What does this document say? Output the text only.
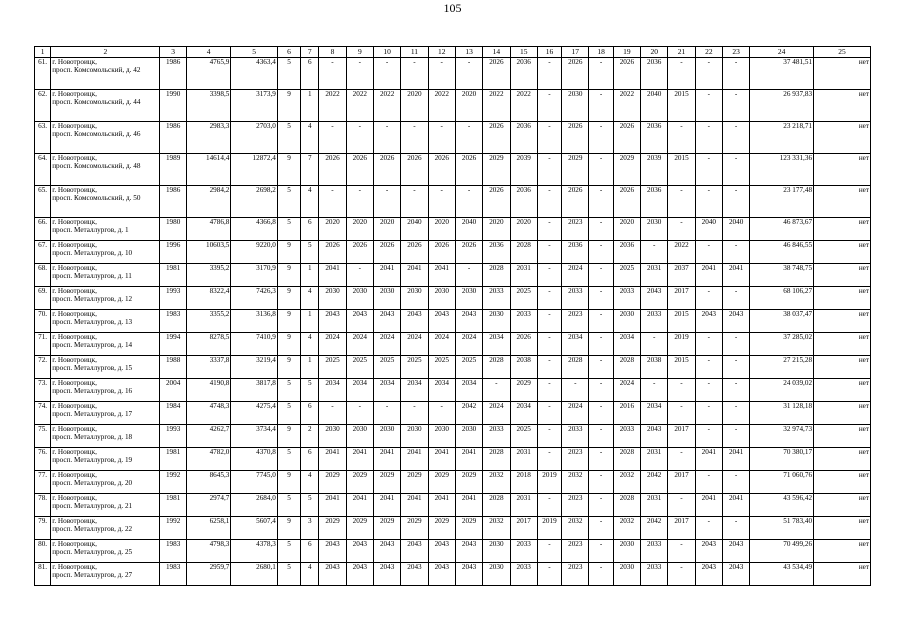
105
1	2	3	4	5	6	7	8	9	10	11	12	13	14	15	16	17	18	19	20	21	22	23	24	25
61.	г. Новотроицк,
просп. Комсомольский, д. 42	1986	4765,9	4363,4	5	6	-	-	-	-	-	-	2026	2036	-	2026	-	2026	2036	-	-	-	37 481,51	нет
62.	г. Новотроицк,
просп. Комсомольский, д. 44	1990	3398,5	3173,9	9	1	2022	2022	2022	2020	2022	2020	2022	2022	-	2030	-	2022	2040	2015	-	-	26 937,83	нет
63.	г. Новотроицк,
просп. Комсомольский, д. 46	1986	2983,3	2703,0	5	4	-	-	-	-	-	-	2026	2036	-	2026	-	2026	2036	-	-	-	23 218,71	нет
64.	г. Новотроицк,
просп. Комсомольский, д. 48	1989	14614,4	12872,4	9	7	2026	2026	2026	2026	2026	2026	2029	2039	-	2029	-	2029	2039	2015	-	-	123 331,36	нет
65.	г. Новотроицк,
просп. Комсомольский, д. 50	1986	2984,2	2698,2	5	4	-	-	-	-	-	-	2026	2036	-	2026	-	2026	2036	-	-	-	23 177,48	нет
66.	г. Новотроицк,
просп. Металлургов, д. 1	1980	4786,8	4366,8	5	6	2020	2020	2020	2040	2020	2040	2020	2020	-	2023	-	2020	2030	-	2040	2040	46 873,67	нет
67.	г. Новотроицк,
просп. Металлургов, д. 10	1996	10603,5	9220,0	9	5	2026	2026	2026	2026	2026	2026	2036	2028	-	2036	-	2036	-	2022	-	-	46 846,55	нет
68.	г. Новотроицк,
просп. Металлургов, д. 11	1981	3395,2	3170,9	9	1	2041	-	2041	2041	2041	-	2028	2031	-	2024	-	2025	2031	2037	2041	2041	38 748,75	нет
69.	г. Новотроицк,
просп. Металлургов, д. 12	1993	8322,4	7426,3	9	4	2030	2030	2030	2030	2030	2030	2033	2025	-	2033	-	2033	2043	2017	-	-	68 106,27	нет
70.	г. Новотроицк,
просп. Металлургов, д. 13	1983	3355,2	3136,8	9	1	2043	2043	2043	2043	2043	2043	2030	2033	-	2023	-	2030	2033	2015	2043	2043	38 037,47	нет
71.	г. Новотроицк,
просп. Металлургов, д. 14	1994	8278,5	7410,9	9	4	2024	2024	2024	2024	2024	2024	2034	2026	-	2034	-	2034	-	2019	-	-	37 285,02	нет
72.	г. Новотроицк,
просп. Металлургов, д. 15	1988	3337,8	3219,4	9	1	2025	2025	2025	2025	2025	2025	2028	2038	-	2028	-	2028	2038	2015	-	-	27 215,28	нет
73.	г. Новотроицк,
просп. Металлургов, д. 16	2004	4190,8	3817,8	5	5	2034	2034	2034	2034	2034	2034	-	2029	-	-	-	2024	-	-	-	-	24 039,02	нет
74.	г. Новотроицк,
просп. Металлургов, д. 17	1984	4748,3	4275,4	5	6	-	-	-	-	-	2042	2024	2034	-	2024	-	2016	2034	-	-	-	31 128,18	нет
75.	г. Новотроицк,
просп. Металлургов, д. 18	1993	4262,7	3734,4	9	2	2030	2030	2030	2030	2030	2030	2033	2025	-	2033	-	2033	2043	2017	-	-	32 974,73	нет
76.	г. Новотроицк,
просп. Металлургов, д. 19	1981	4782,0	4370,8	5	6	2041	2041	2041	2041	2041	2041	2028	2031	-	2023	-	2028	2031	-	2041	2041	70 380,17	нет
77.	г. Новотроицк,
просп. Металлургов, д. 20	1992	8645,3	7745,0	9	4	2029	2029	2029	2029	2029	2029	2032	2018	2019	2032	-	2032	2042	2017	-	-	71 060,76	нет
78.	г. Новотроицк,
просп. Металлургов, д. 21	1981	2974,7	2684,0	5	5	2041	2041	2041	2041	2041	2041	2028	2031	-	2023	-	2028	2031	-	2041	2041	43 596,42	нет
79.	г. Новотроицк,
просп. Металлургов, д. 22	1992	6258,1	5607,4	9	3	2029	2029	2029	2029	2029	2029	2032	2017	2019	2032	-	2032	2042	2017	-	-	51 783,40	нет
80.	г. Новотроицк,
просп. Металлургов, д. 25	1983	4798,3	4378,3	5	6	2043	2043	2043	2043	2043	2043	2030	2033	-	2023	-	2030	2033	-	2043	2043	70 499,26	нет
81.	г. Новотроицк,
просп. Металлургов, д. 27	1983	2959,7	2680,1	5	4	2043	2043	2043	2043	2043	2043	2030	2033	-	2023	-	2030	2033	-	2043	2043	43 534,49	нет
